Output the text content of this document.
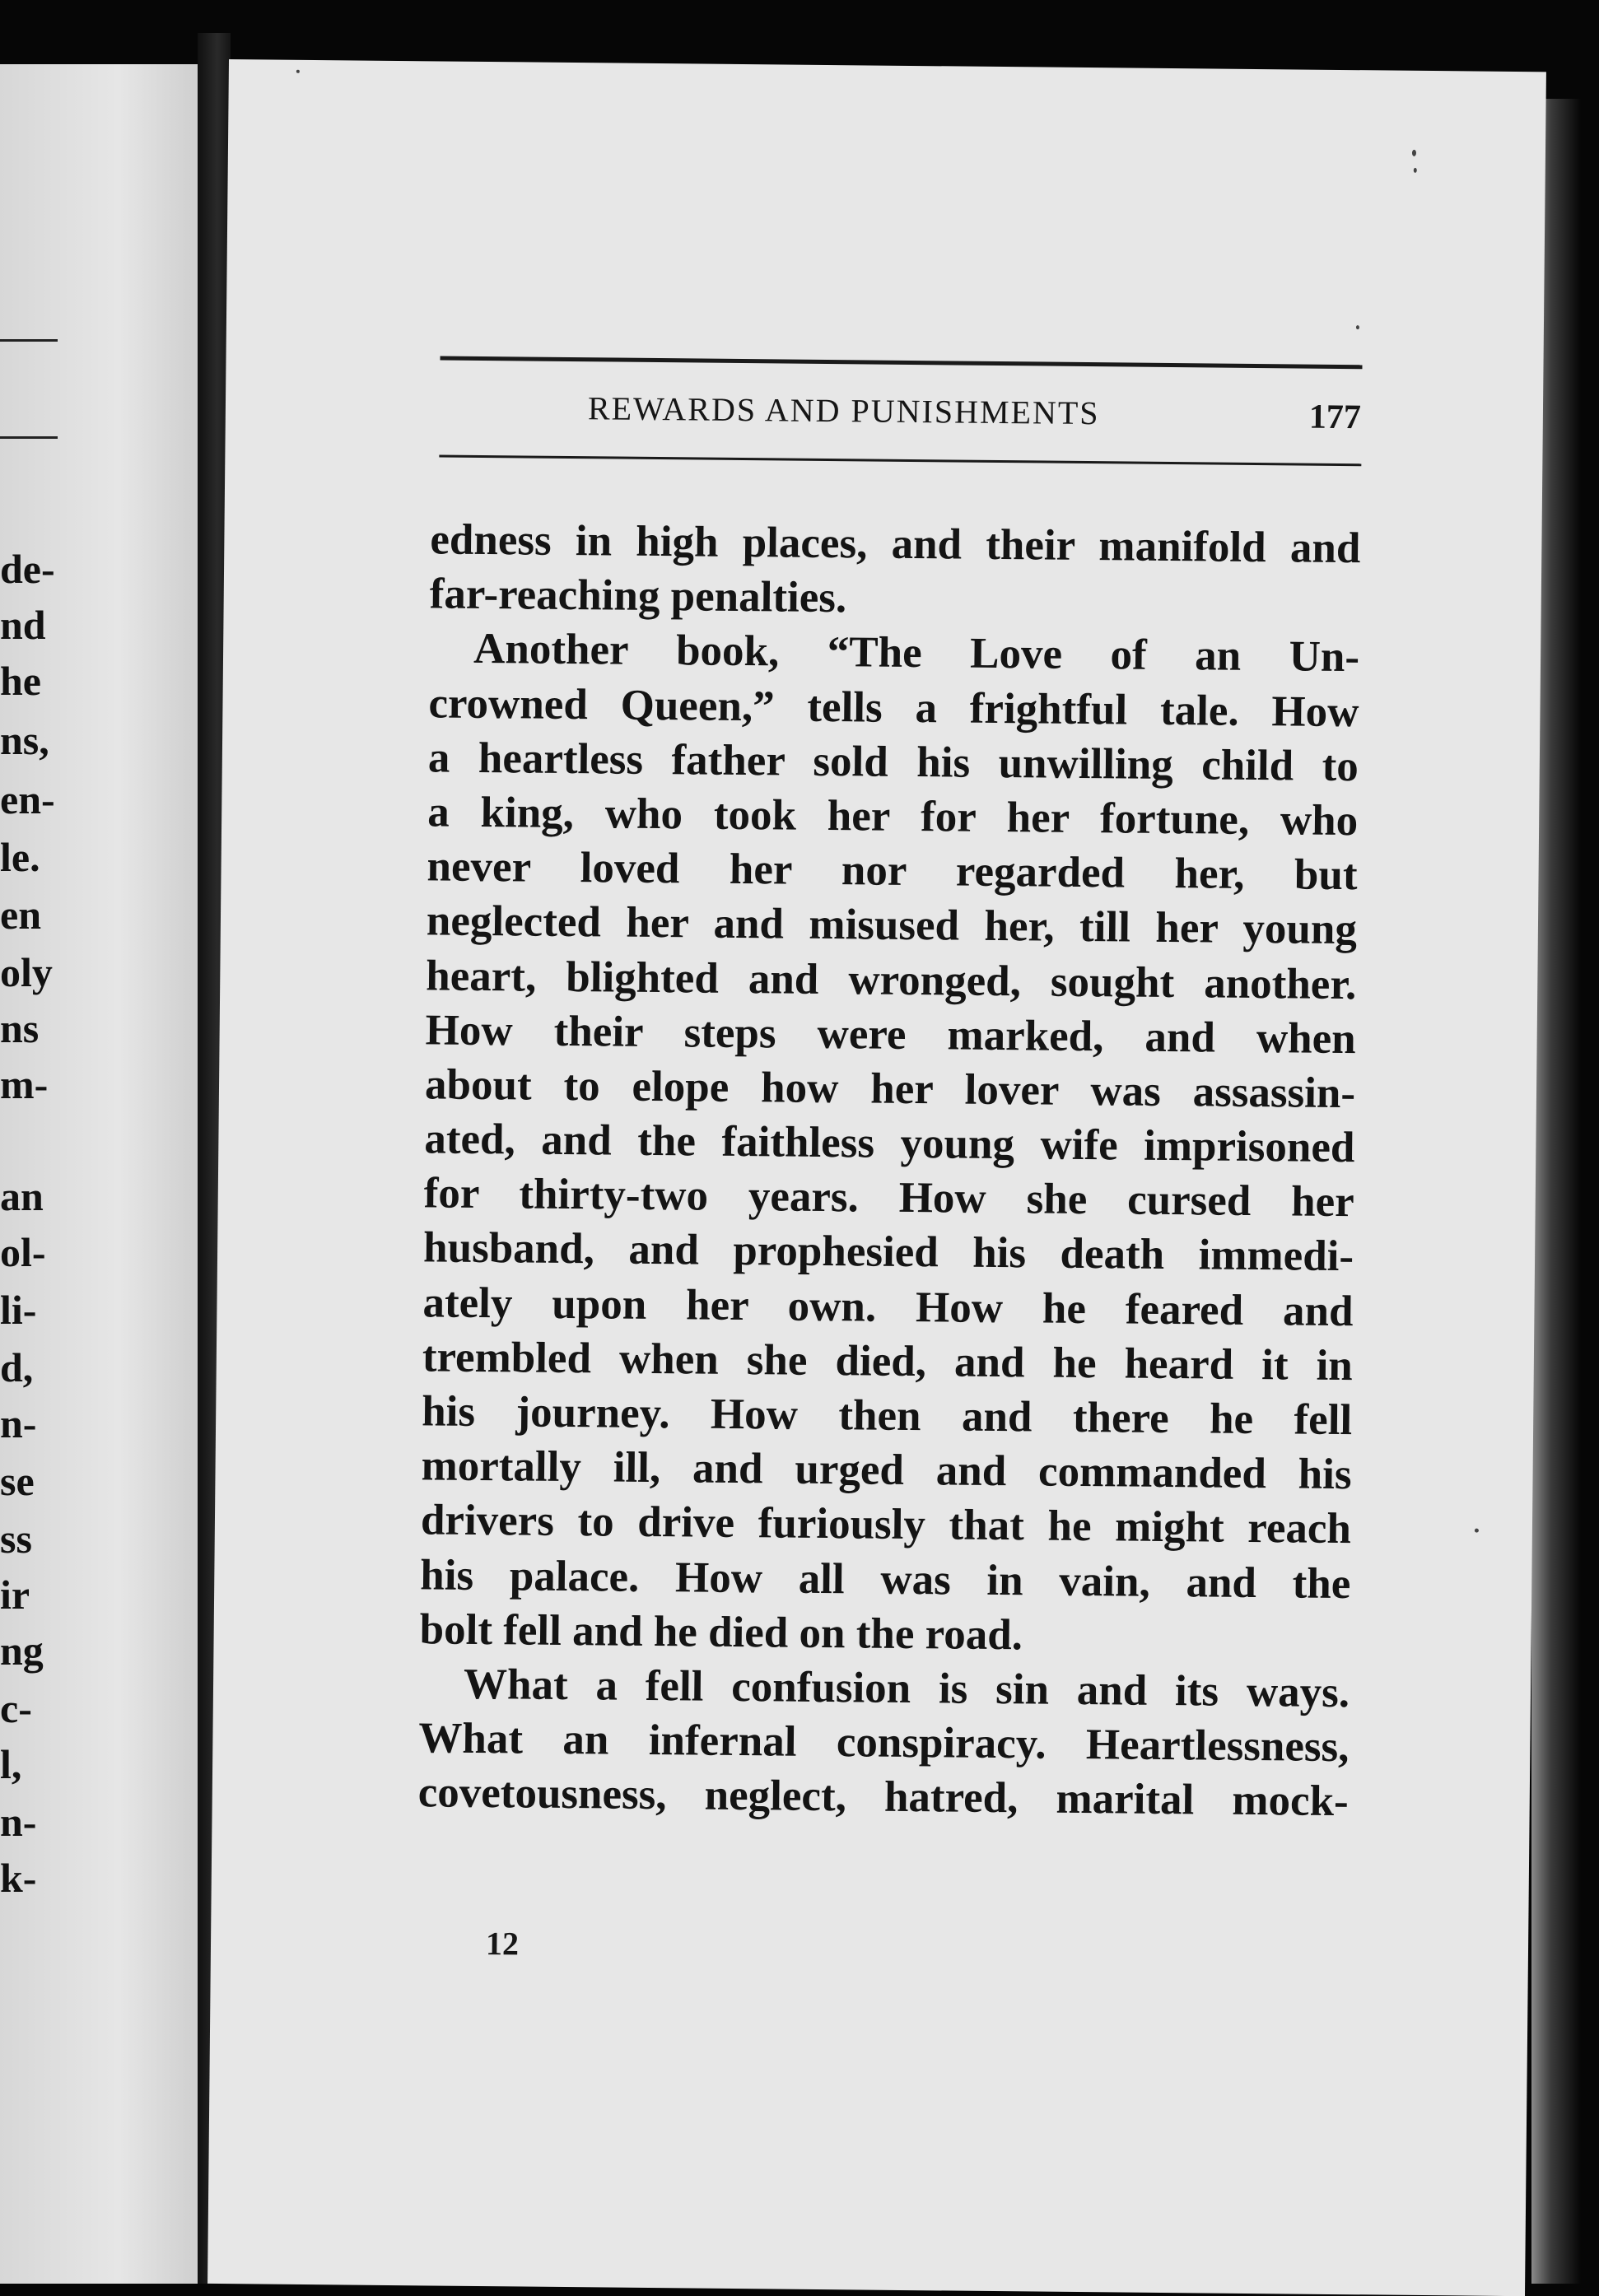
de-
nd
he
ns,
en-
le.
en
oly
ns
m-
an
ol-
li-
d,
n-
se
ss
ir
ng
c-
l,
n-
k-
REWARDS AND PUNISHMENTS	177
edness in high places, and their manifold and
far-reaching penalties.
Another book, “The Love of an Un-
crowned Queen,” tells a frightful tale. How
a heartless father sold his unwilling child to
a king, who took her for her fortune, who
never loved her nor regarded her, but
neglected her and misused her, till her young
heart, blighted and wronged, sought another.
How their steps were marked, and when
about to elope how her lover was assassin-
ated, and the faithless young wife imprisoned
for thirty-two years. How she cursed her
husband, and prophesied his death immedi-
ately upon her own. How he feared and
trembled when she died, and he heard it in
his journey. How then and there he fell
mortally ill, and urged and commanded his
drivers to drive furiously that he might reach
his palace. How all was in vain, and the
bolt fell and he died on the road.
What a fell confusion is sin and its ways.
What an infernal conspiracy. Heartlessness,
covetousness, neglect, hatred, marital mock-
12
